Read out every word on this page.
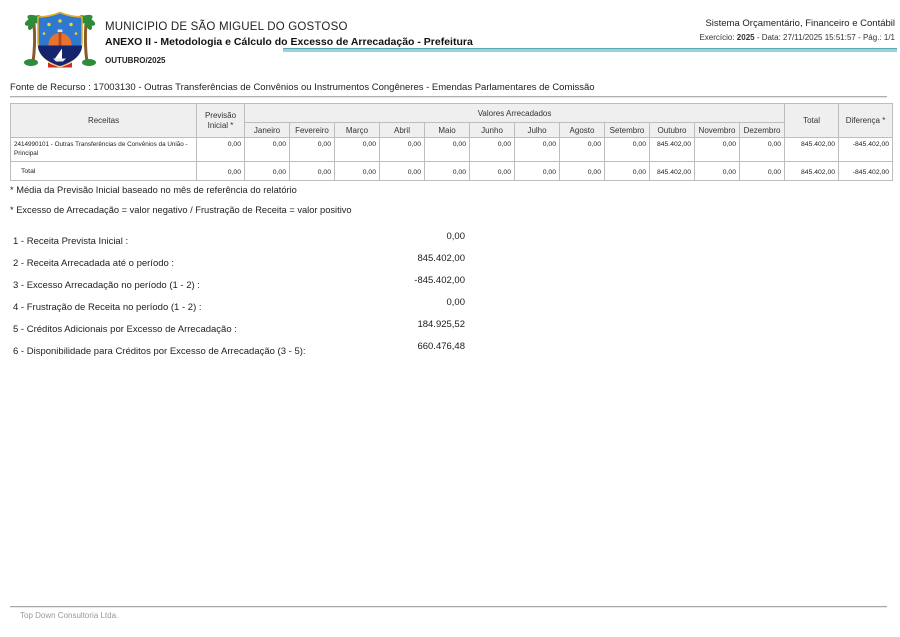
MUNICIPIO DE SÃO MIGUEL DO GOSTOSO
ANEXO II - Metodologia e Cálculo do Excesso de Arrecadação - Prefeitura
OUTUBRO/2025
Sistema Orçamentário, Financeiro e Contábil
Exercício: 2025 - Data: 27/11/2025 15:51:57 - Pág.: 1/1
Fonte de Recurso : 17003130 - Outras Transferências de Convênios ou Instrumentos Congêneres - Emendas Parlamentares de Comissão
Receitas	Previsão Inicial *	Valores Arrecadados												Total	Diferença *
		Janeiro	Fevereiro	Março	Abril	Maio	Junho	Julho	Agosto	Setembro	Outubro	Novembro	Dezembro		
2414990101 - Outras Transferências de Convênios da União - Principal	0,00	0,00	0,00	0,00	0,00	0,00	0,00	0,00	0,00	0,00	845.402,00	0,00	0,00	845.402,00	-845.402,00
Total	0,00	0,00	0,00	0,00	0,00	0,00	0,00	0,00	0,00	0,00	845.402,00	0,00	0,00	845.402,00	-845.402,00
* Média da Previsão Inicial baseado no mês de referência do relatório
* Excesso de Arrecadação = valor negativo / Frustração de Receita = valor positivo
1 - Receita Prevista Inicial :	0,00
2 - Receita Arrecadada até o período :	845.402,00
3 - Excesso Arrecadação no período (1 - 2) :	-845.402,00
4 - Frustração de Receita no período (1 - 2) :	0,00
5 - Créditos Adicionais por Excesso de Arrecadação :	184.925,52
6 - Disponibilidade para Créditos por Excesso de Arrecadação (3 - 5):	660.476,48
Top Down Consultoria Ltda.
